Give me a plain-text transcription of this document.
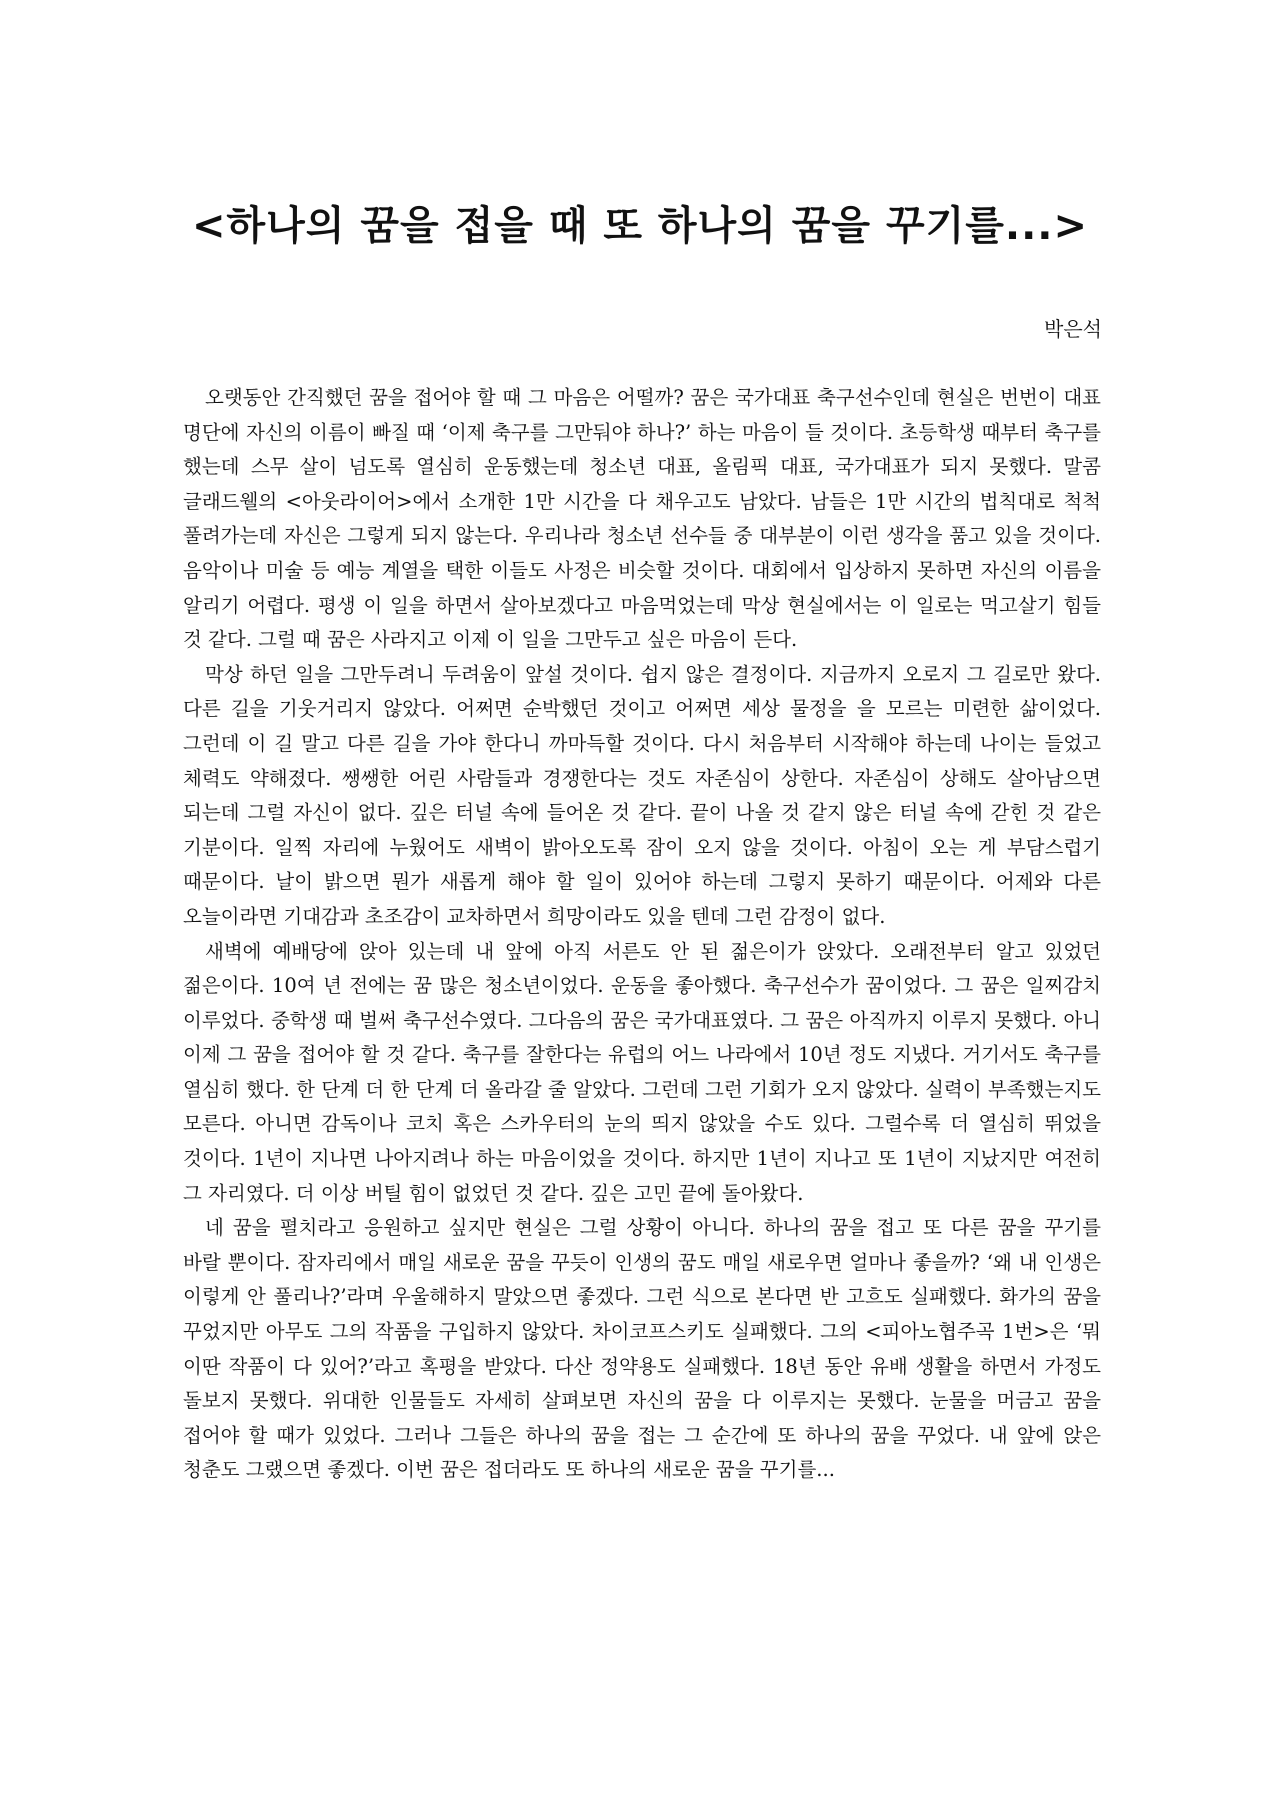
<하나의 꿈을 접을 때 또 하나의 꿈을 꾸기를...>

박은석

오랫동안 간직했던 꿈을 접어야 할 때 그 마음은 어떨까? 꿈은 국가대표 축구선수인데 현실은 번번이 대표 명단에 자신의 이름이 빠질 때 ‘이제 축구를 그만둬야 하나?’ 하는 마음이 들 것이다. 초등학생 때부터 축구를 했는데 스무 살이 넘도록 열심히 운동했는데 청소년 대표, 올림픽 대표, 국가대표가 되지 못했다. 말콤 글래드웰의 <아웃라이어>에서 소개한 1만 시간을 다 채우고도 남았다. 남들은 1만 시간의 법칙대로 척척 풀려가는데 자신은 그렇게 되지 않는다. 우리나라 청소년 선수들 중 대부분이 이런 생각을 품고 있을 것이다. 음악이나 미술 등 예능 계열을 택한 이들도 사정은 비슷할 것이다. 대회에서 입상하지 못하면 자신의 이름을 알리기 어렵다. 평생 이 일을 하면서 살아보겠다고 마음먹었는데 막상 현실에서는 이 일로는 먹고살기 힘들 것 같다. 그럴 때 꿈은 사라지고 이제 이 일을 그만두고 싶은 마음이 든다.

막상 하던 일을 그만두려니 두려움이 앞설 것이다. 쉽지 않은 결정이다. 지금까지 오로지 그 길로만 왔다. 다른 길을 기웃거리지 않았다. 어쩌면 순박했던 것이고 어쩌면 세상 물정을 을 모르는 미련한 삶이었다. 그런데 이 길 말고 다른 길을 가야 한다니 까마득할 것이다. 다시 처음부터 시작해야 하는데 나이는 들었고 체력도 약해졌다. 쌩쌩한 어린 사람들과 경쟁한다는 것도 자존심이 상한다. 자존심이 상해도 살아남으면 되는데 그럴 자신이 없다. 깊은 터널 속에 들어온 것 같다. 끝이 나올 것 같지 않은 터널 속에 갇힌 것 같은 기분이다. 일찍 자리에 누웠어도 새벽이 밝아오도록 잠이 오지 않을 것이다. 아침이 오는 게 부담스럽기 때문이다. 날이 밝으면 뭔가 새롭게 해야 할 일이 있어야 하는데 그렇지 못하기 때문이다. 어제와 다른 오늘이라면 기대감과 초조감이 교차하면서 희망이라도 있을 텐데 그런 감정이 없다.

새벽에 예배당에 앉아 있는데 내 앞에 아직 서른도 안 된 젊은이가 앉았다. 오래전부터 알고 있었던 젊은이다. 10여 년 전에는 꿈 많은 청소년이었다. 운동을 좋아했다. 축구선수가 꿈이었다. 그 꿈은 일찌감치 이루었다. 중학생 때 벌써 축구선수였다. 그다음의 꿈은 국가대표였다. 그 꿈은 아직까지 이루지 못했다. 아니 이제 그 꿈을 접어야 할 것 같다. 축구를 잘한다는 유럽의 어느 나라에서 10년 정도 지냈다. 거기서도 축구를 열심히 했다. 한 단계 더 한 단계 더 올라갈 줄 알았다. 그런데 그런 기회가 오지 않았다. 실력이 부족했는지도 모른다. 아니면 감독이나 코치 혹은 스카우터의 눈의 띄지 않았을 수도 있다. 그럴수록 더 열심히 뛰었을 것이다. 1년이 지나면 나아지려나 하는 마음이었을 것이다. 하지만 1년이 지나고 또 1년이 지났지만 여전히 그 자리였다. 더 이상 버틸 힘이 없었던 것 같다. 깊은 고민 끝에 돌아왔다.

네 꿈을 펼치라고 응원하고 싶지만 현실은 그럴 상황이 아니다. 하나의 꿈을 접고 또 다른 꿈을 꾸기를 바랄 뿐이다. 잠자리에서 매일 새로운 꿈을 꾸듯이 인생의 꿈도 매일 새로우면 얼마나 좋을까? ‘왜 내 인생은 이렇게 안 풀리나?’라며 우울해하지 말았으면 좋겠다. 그런 식으로 본다면 반 고흐도 실패했다. 화가의 꿈을 꾸었지만 아무도 그의 작품을 구입하지 않았다. 차이코프스키도 실패했다. 그의 <피아노협주곡 1번>은 ‘뭐 이딴 작품이 다 있어?’라고 혹평을 받았다. 다산 정약용도 실패했다. 18년 동안 유배 생활을 하면서 가정도 돌보지 못했다. 위대한 인물들도 자세히 살펴보면 자신의 꿈을 다 이루지는 못했다. 눈물을 머금고 꿈을 접어야 할 때가 있었다. 그러나 그들은 하나의 꿈을 접는 그 순간에 또 하나의 꿈을 꾸었다. 내 앞에 앉은 청춘도 그랬으면 좋겠다. 이번 꿈은 접더라도 또 하나의 새로운 꿈을 꾸기를...
